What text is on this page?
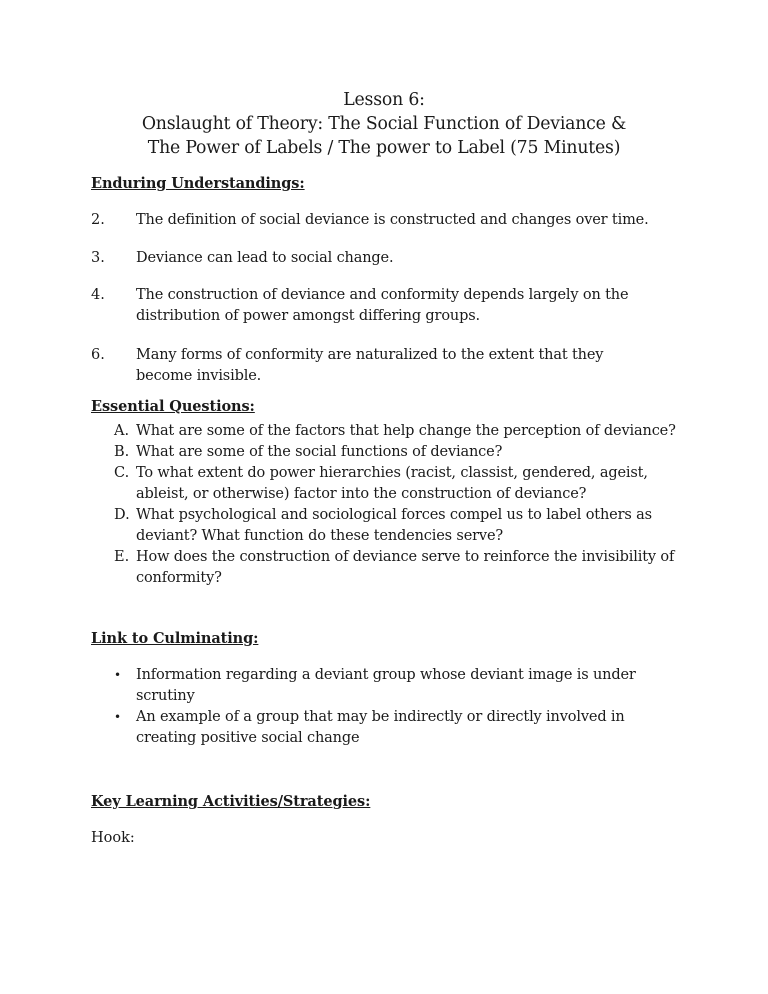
Lesson 6:
Onslaught of Theory: The Social Function of Deviance &
The Power of Labels / The power to Label (75 Minutes)
Enduring Understandings:
2. The definition of social deviance is constructed and changes over time.
3. Deviance can lead to social change.
4. The construction of deviance and conformity depends largely on the distribution of power amongst differing groups.
6. Many forms of conformity are naturalized to the extent that they become invisible.
Essential Questions:
A. What are some of the factors that help change the perception of deviance?
B. What are some of the social functions of deviance?
C. To what extent do power hierarchies (racist, classist, gendered, ageist, ableist, or otherwise) factor into the construction of deviance?
D. What psychological and sociological forces compel us to label others as deviant? What function do these tendencies serve?
E. How does the construction of deviance serve to reinforce the invisibility of conformity?
Link to Culminating:
• Information regarding a deviant group whose deviant image is under scrutiny
• An example of a group that may be indirectly or directly involved in creating positive social change
Key Learning Activities/Strategies:
Hook:
